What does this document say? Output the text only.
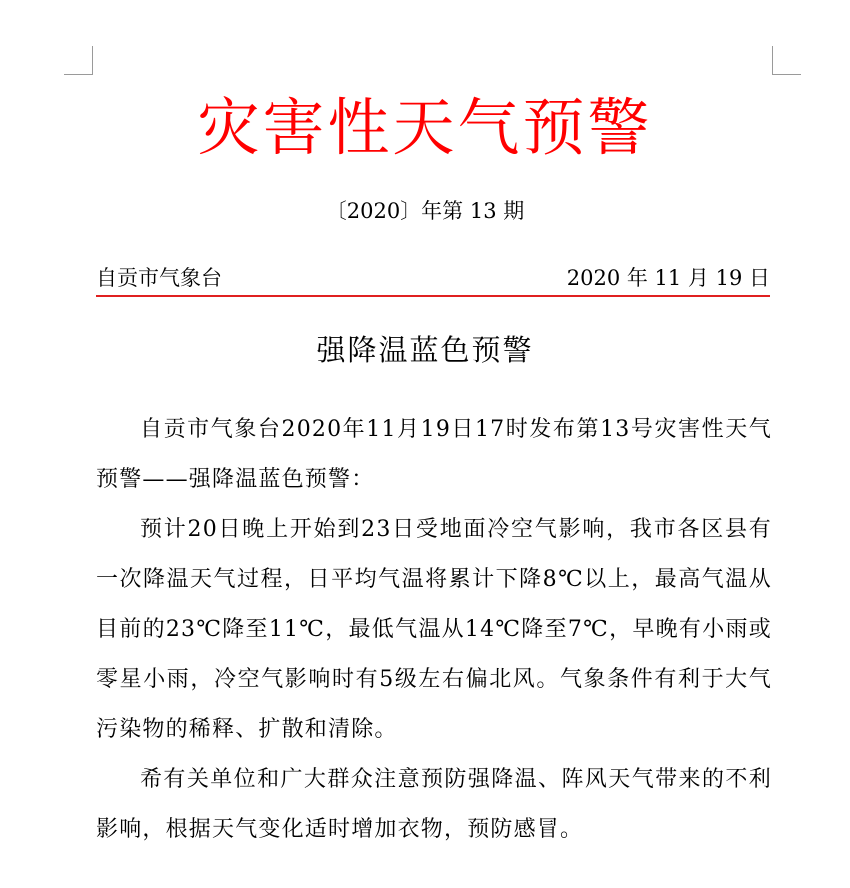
灾害性天气预警
〔2020〕年第 13 期
自贡市气象台	2020 年 11 月 19 日
强降温蓝色预警

自贡市气象台2020年11月19日17时发布第13号灾害性天气预警——强降温蓝色预警：

预计20日晚上开始到23日受地面冷空气影响，我市各区县有一次降温天气过程，日平均气温将累计下降8℃以上，最高气温从目前的23℃降至11℃，最低气温从14℃降至7℃，早晚有小雨或零星小雨，冷空气影响时有5级左右偏北风。气象条件有利于大气污染物的稀释、扩散和清除。

希有关单位和广大群众注意预防强降温、阵风天气带来的不利影响，根据天气变化适时增加衣物，预防感冒。
